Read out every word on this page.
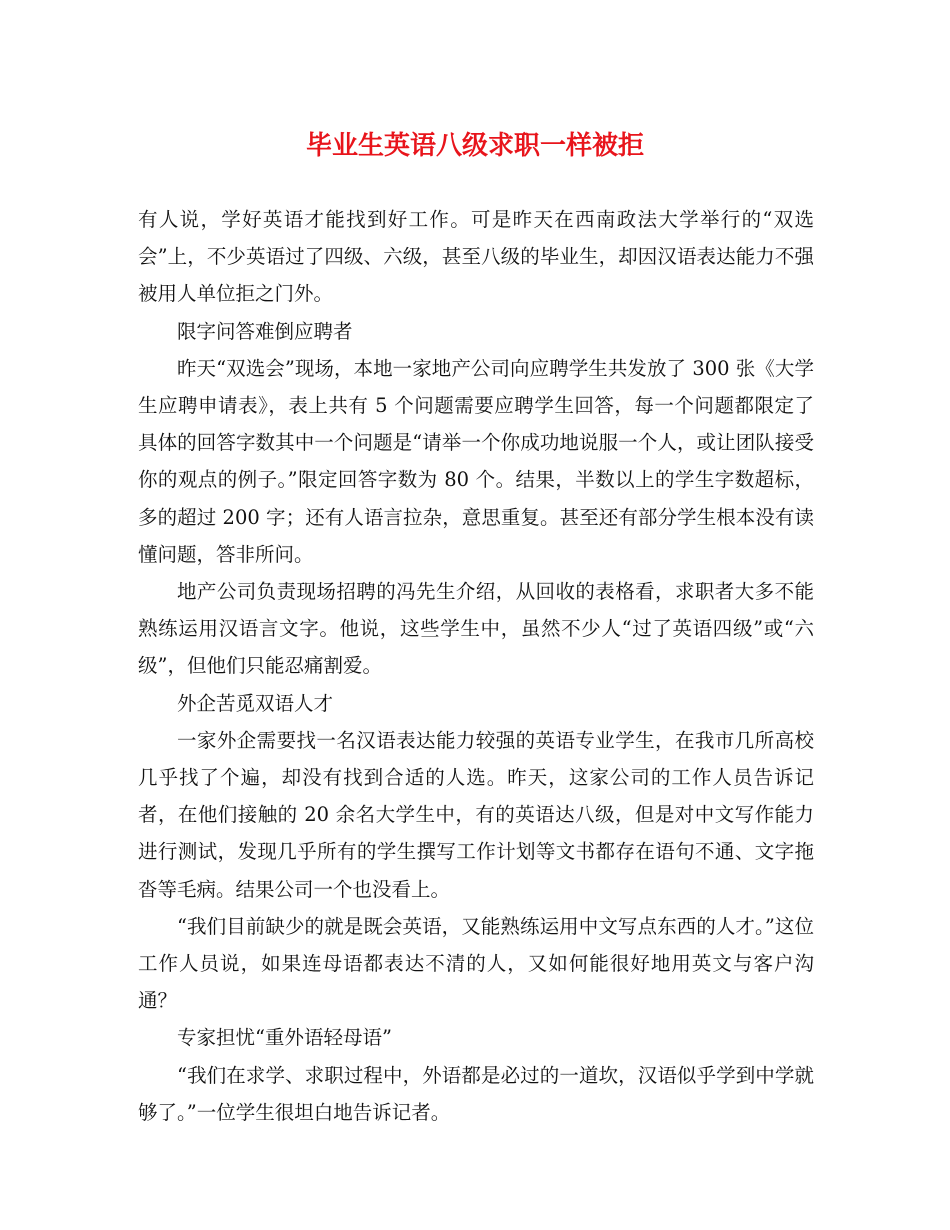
毕业生英语八级求职一样被拒

有人说，学好英语才能找到好工作。可是昨天在西南政法大学举行的“双选会”上，不少英语过了四级、六级，甚至八级的毕业生，却因汉语表达能力不强被用人单位拒之门外。

限字问答难倒应聘者

昨天“双选会”现场，本地一家地产公司向应聘学生共发放了 300 张《大学生应聘申请表》，表上共有 5 个问题需要应聘学生回答，每一个问题都限定了具体的回答字数其中一个问题是“请举一个你成功地说服一个人，或让团队接受你的观点的例子。”限定回答字数为 80 个。结果，半数以上的学生字数超标，多的超过 200 字；还有人语言拉杂，意思重复。甚至还有部分学生根本没有读懂问题，答非所问。

地产公司负责现场招聘的冯先生介绍，从回收的表格看，求职者大多不能熟练运用汉语言文字。他说，这些学生中，虽然不少人“过了英语四级”或“六级”，但他们只能忍痛割爱。

外企苦觅双语人才

一家外企需要找一名汉语表达能力较强的英语专业学生，在我市几所高校几乎找了个遍，却没有找到合适的人选。昨天，这家公司的工作人员告诉记者，在他们接触的 20 余名大学生中，有的英语达八级，但是对中文写作能力进行测试，发现几乎所有的学生撰写工作计划等文书都存在语句不通、文字拖沓等毛病。结果公司一个也没看上。

“我们目前缺少的就是既会英语，又能熟练运用中文写点东西的人才。”这位工作人员说，如果连母语都表达不清的人，又如何能很好地用英文与客户沟通？

专家担忧“重外语轻母语”

“我们在求学、求职过程中，外语都是必过的一道坎，汉语似乎学到中学就够了。”一位学生很坦白地告诉记者。
